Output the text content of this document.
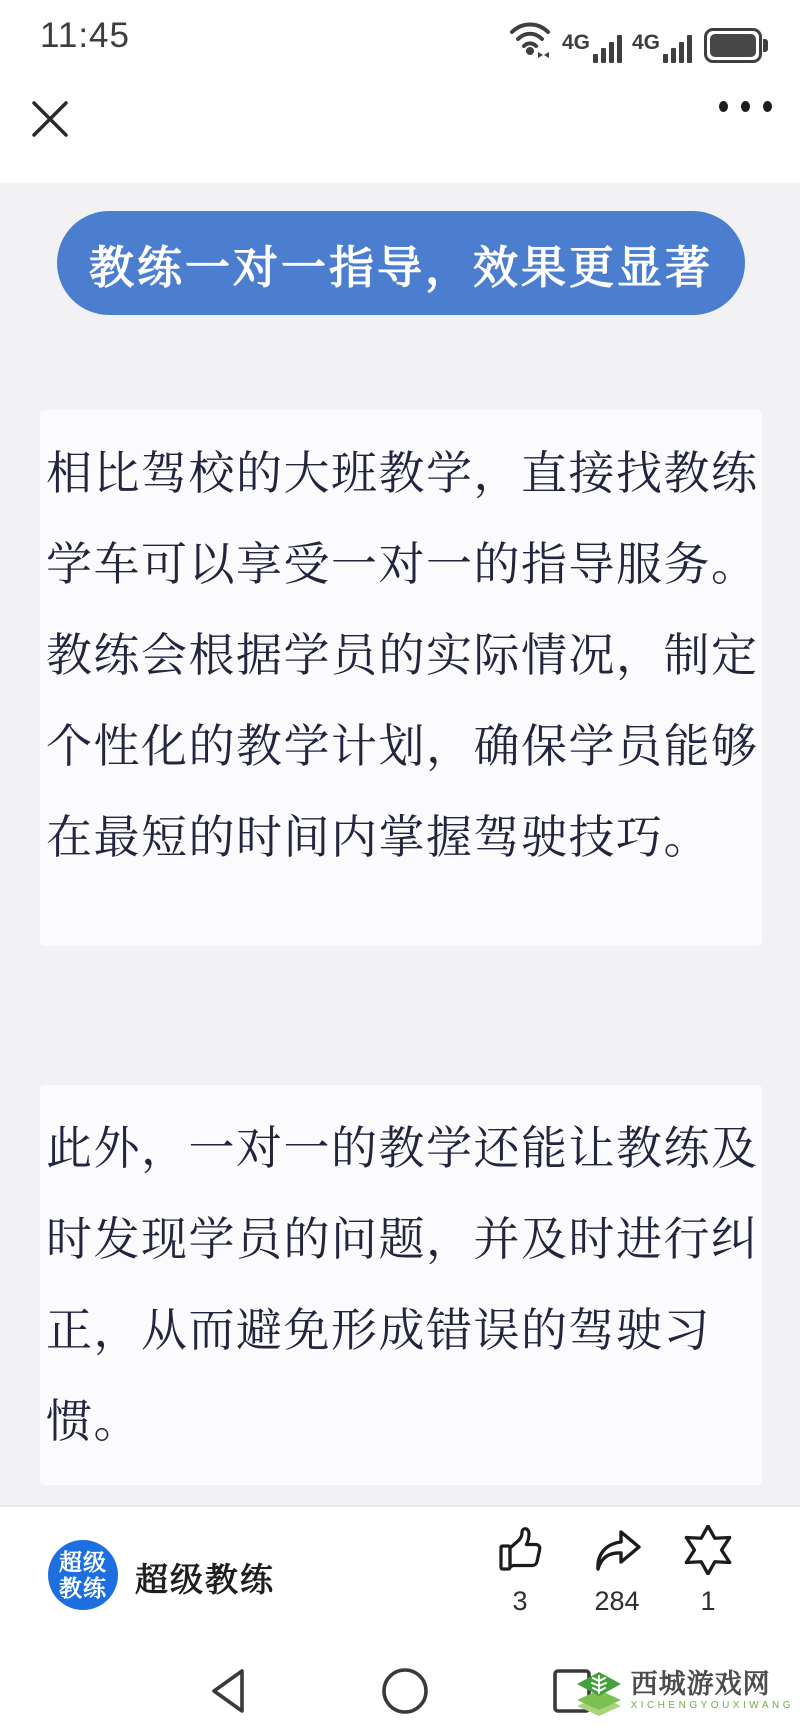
11:45	4G 4G
教练一对一指导，效果更显著
相比驾校的大班教学，直接找教练
学车可以享受一对一的指导服务。
教练会根据学员的实际情况，制定
个性化的教学计划，确保学员能够
在最短的时间内掌握驾驶技巧。
此外，一对一的教学还能让教练及
时发现学员的问题，并及时进行纠
正，从而避免形成错误的驾驶习
惯。
超级
教练 超级教练
3	284	1
西城游戏网
XICHENGYOUXIWANG
